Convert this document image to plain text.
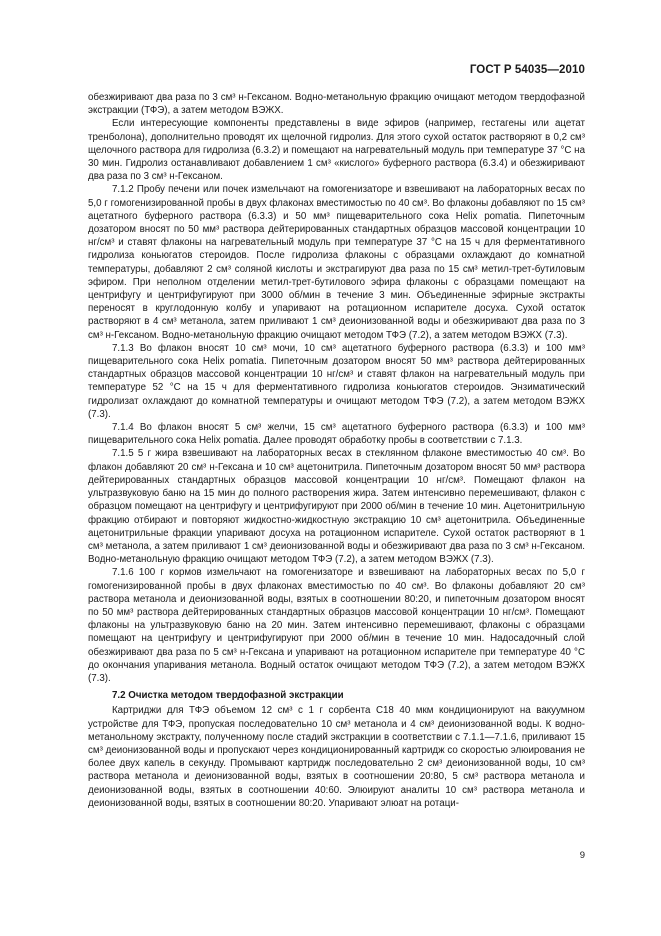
ГОСТ Р 54035—2010

обезжиривают два раза по 3 см³ н-Гексаном. Водно-метанольную фракцию очищают методом твердофазной экстракции (ТФЭ), а затем методом ВЭЖХ.

Если интересующие компоненты представлены в виде эфиров (например, гестагены или ацетат тренболона), дополнительно проводят их щелочной гидролиз. Для этого сухой остаток растворяют в 0,2 см³ щелочного раствора для гидролиза (6.3.2) и помещают на нагревательный модуль при температуре 37 °С на 30 мин. Гидролиз останавливают добавлением 1 см³ «кислого» буферного раствора (6.3.4) и обезжиривают два раза по 3 см³ н-Гексаном.

7.1.2 Пробу печени или почек измельчают на гомогенизаторе и взвешивают на лабораторных весах по 5,0 г гомогенизированной пробы в двух флаконах вместимостью по 40 см³. Во флаконы добавляют по 15 см³ ацетатного буферного раствора (6.3.3) и 50 мм³ пищеварительного сока Helix pomatia. Пипеточным дозатором вносят по 50 мм³ раствора дейтерированных стандартных образцов массовой концентрации 10 нг/см³ и ставят флаконы на нагревательный модуль при температуре 37 °С на 15 ч для ферментативного гидролиза коньюгатов стероидов. После гидролиза флаконы с образцами охлаждают до комнатной температуры, добавляют 2 см³ соляной кислоты и экстрагируют два раза по 15 см³ метил-трет-бутиловым эфиром. При неполном отделении метил-трет-бутилового эфира флаконы с образцами помещают на центрифугу и центрифугируют при 3000 об/мин в течение 3 мин. Объединенные эфирные экстракты переносят в круглодонную колбу и упаривают на ротационном испарителе досуха. Сухой остаток растворяют в 4 см³ метанола, затем приливают 1 см³ деионизованной воды и обезжиривают два раза по 3 см³ н-Гексаном. Водно-метанольную фракцию очищают методом ТФЭ (7.2), а затем методом ВЭЖХ (7.3).

7.1.3 Во флакон вносят 10 см³ мочи, 10 см³ ацетатного буферного раствора (6.3.3) и 100 мм³ пищеварительного сока Helix pomatia. Пипеточным дозатором вносят 50 мм³ раствора дейтерированных стандартных образцов массовой концентрации 10 нг/см³ и ставят флакон на нагревательный модуль при температуре 52 °С на 15 ч для ферментативного гидролиза коньюгатов стероидов. Энзиматический гидролизат охлаждают до комнатной температуры и очищают методом ТФЭ (7.2), а затем методом ВЭЖХ (7.3).

7.1.4 Во флакон вносят 5 см³ желчи, 15 см³ ацетатного буферного раствора (6.3.3) и 100 мм³ пищеварительного сока Helix pomatia. Далее проводят обработку пробы в соответствии с 7.1.3.

7.1.5 5 г жира взвешивают на лабораторных весах в стеклянном флаконе вместимостью 40 см³. Во флакон добавляют 20 см³ н-Гексана и 10 см³ ацетонитрила. Пипеточным дозатором вносят 50 мм³ раствора дейтерированных стандартных образцов массовой концентрации 10 нг/см³. Помещают флакон на ультразвуковую баню на 15 мин до полного растворения жира. Затем интенсивно перемешивают, флакон с образцом помещают на центрифугу и центрифугируют при 2000 об/мин в течение 10 мин. Ацетонитрильную фракцию отбирают и повторяют жидкостно-жидкостную экстракцию 10 см³ ацетонитрила. Объединенные ацетонитрильные фракции упаривают досуха на ротационном испарителе. Сухой остаток растворяют в 1 см³ метанола, а затем приливают 1 см³ деионизованной воды и обезжиривают два раза по 3 см³ н-Гексаном. Водно-метанольную фракцию очищают методом ТФЭ (7.2), а затем методом ВЭЖХ (7.3).

7.1.6 100 г кормов измельчают на гомогенизаторе и взвешивают на лабораторных весах по 5,0 г гомогенизированной пробы в двух флаконах вместимостью по 40 см³. Во флаконы добавляют 20 см³ раствора метанола и деионизованной воды, взятых в соотношении 80:20, и пипеточным дозатором вносят по 50 мм³ раствора дейтерированных стандартных образцов массовой концентрации 10 нг/см³. Помещают флаконы на ультразвуковую баню на 20 мин. Затем интенсивно перемешивают, флаконы с образцами помещают на центрифугу и центрифугируют при 2000 об/мин в течение 10 мин. Надосадочный слой обезжиривают два раза по 5 см³ н-Гексана и упаривают на ротационном испарителе при температуре 40 °С до окончания упаривания метанола. Водный остаток очищают методом ТФЭ (7.2), а затем методом ВЭЖХ (7.3).

7.2 Очистка методом твердофазной экстракции

Картриджи для ТФЭ объемом 12 см³ с 1 г сорбента С18 40 мкм кондиционируют на вакуумном устройстве для ТФЭ, пропуская последовательно 10 см³ метанола и 4 см³ деионизованной воды. К водно-метанольному экстракту, полученному после стадий экстракции в соответствии с 7.1.1—7.1.6, приливают 15 см³ деионизованной воды и пропускают через кондиционированный картридж со скоростью элюирования не более двух капель в секунду. Промывают картридж последовательно 2 см³ деионизованной воды, 10 см³ раствора метанола и деионизованной воды, взятых в соотношении 20:80, 5 см³ раствора метанола и деионизованной воды, взятых в соотношении 40:60. Элюируют аналиты 10 см³ раствора метанола и деионизованной воды, взятых в соотношении 80:20. Упаривают элюат на ротаци-

9
